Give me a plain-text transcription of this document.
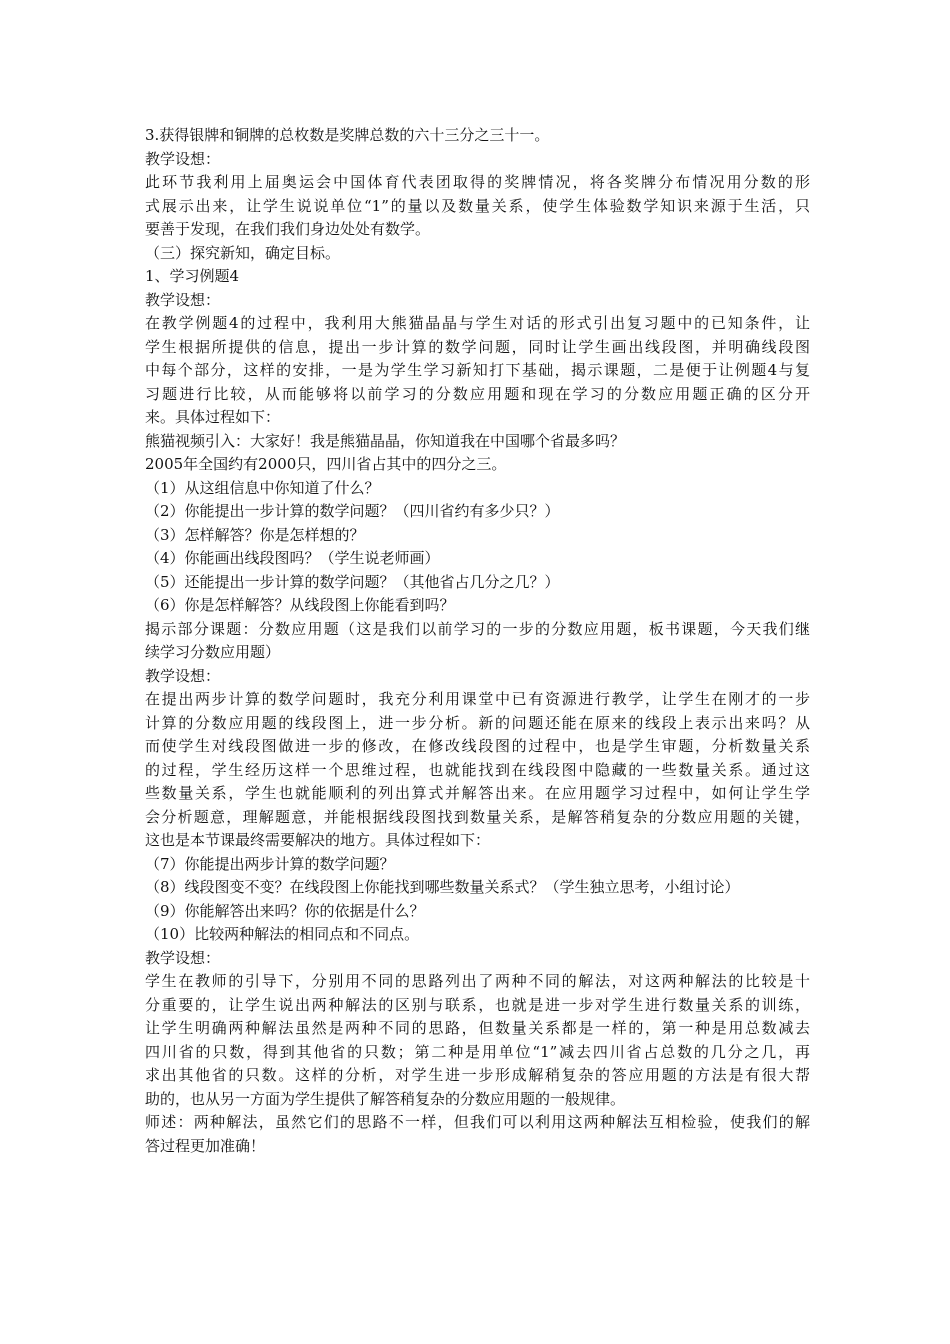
3.获得银牌和铜牌的总枚数是奖牌总数的六十三分之三十一。
教学设想：
此环节我利用上届奥运会中国体育代表团取得的奖牌情况，将各奖牌分布情况用分数的形
式展示出来，让学生说说单位“1”的量以及数量关系，使学生体验数学知识来源于生活，只
要善于发现，在我们我们身边处处有数学。
（三）探究新知，确定目标。
1、学习例题4
教学设想：
在教学例题4的过程中，我利用大熊猫晶晶与学生对话的形式引出复习题中的已知条件，让
学生根据所提供的信息，提出一步计算的数学问题，同时让学生画出线段图，并明确线段图
中每个部分，这样的安排，一是为学生学习新知打下基础，揭示课题，二是便于让例题4与复
习题进行比较，从而能够将以前学习的分数应用题和现在学习的分数应用题正确的区分开
来。具体过程如下：
熊猫视频引入：大家好！我是熊猫晶晶，你知道我在中国哪个省最多吗？
2005年全国约有2000只，四川省占其中的四分之三。
（1）从这组信息中你知道了什么？
（2）你能提出一步计算的数学问题？（四川省约有多少只？）
（3）怎样解答？你是怎样想的？
（4）你能画出线段图吗？（学生说老师画）
（5）还能提出一步计算的数学问题？（其他省占几分之几？）
（6）你是怎样解答？从线段图上你能看到吗？
揭示部分课题：分数应用题（这是我们以前学习的一步的分数应用题，板书课题，今天我们继
续学习分数应用题）
教学设想：
在提出两步计算的数学问题时，我充分利用课堂中已有资源进行教学，让学生在刚才的一步
计算的分数应用题的线段图上，进一步分析。新的问题还能在原来的线段上表示出来吗？从
而使学生对线段图做进一步的修改，在修改线段图的过程中，也是学生审题，分析数量关系
的过程，学生经历这样一个思维过程，也就能找到在线段图中隐藏的一些数量关系。通过这
些数量关系，学生也就能顺利的列出算式并解答出来。在应用题学习过程中，如何让学生学
会分析题意，理解题意，并能根据线段图找到数量关系，是解答稍复杂的分数应用题的关键，
这也是本节课最终需要解决的地方。具体过程如下：
（7）你能提出两步计算的数学问题？
（8）线段图变不变？在线段图上你能找到哪些数量关系式？（学生独立思考，小组讨论）
（9）你能解答出来吗？你的依据是什么？
（10）比较两种解法的相同点和不同点。
教学设想：
学生在教师的引导下，分别用不同的思路列出了两种不同的解法，对这两种解法的比较是十
分重要的，让学生说出两种解法的区别与联系，也就是进一步对学生进行数量关系的训练，
让学生明确两种解法虽然是两种不同的思路，但数量关系都是一样的，第一种是用总数减去
四川省的只数，得到其他省的只数；第二种是用单位“1”减去四川省占总数的几分之几，再
求出其他省的只数。这样的分析，对学生进一步形成解稍复杂的答应用题的方法是有很大帮
助的，也从另一方面为学生提供了解答稍复杂的分数应用题的一般规律。
师述：两种解法，虽然它们的思路不一样，但我们可以利用这两种解法互相检验，使我们的解
答过程更加准确！
